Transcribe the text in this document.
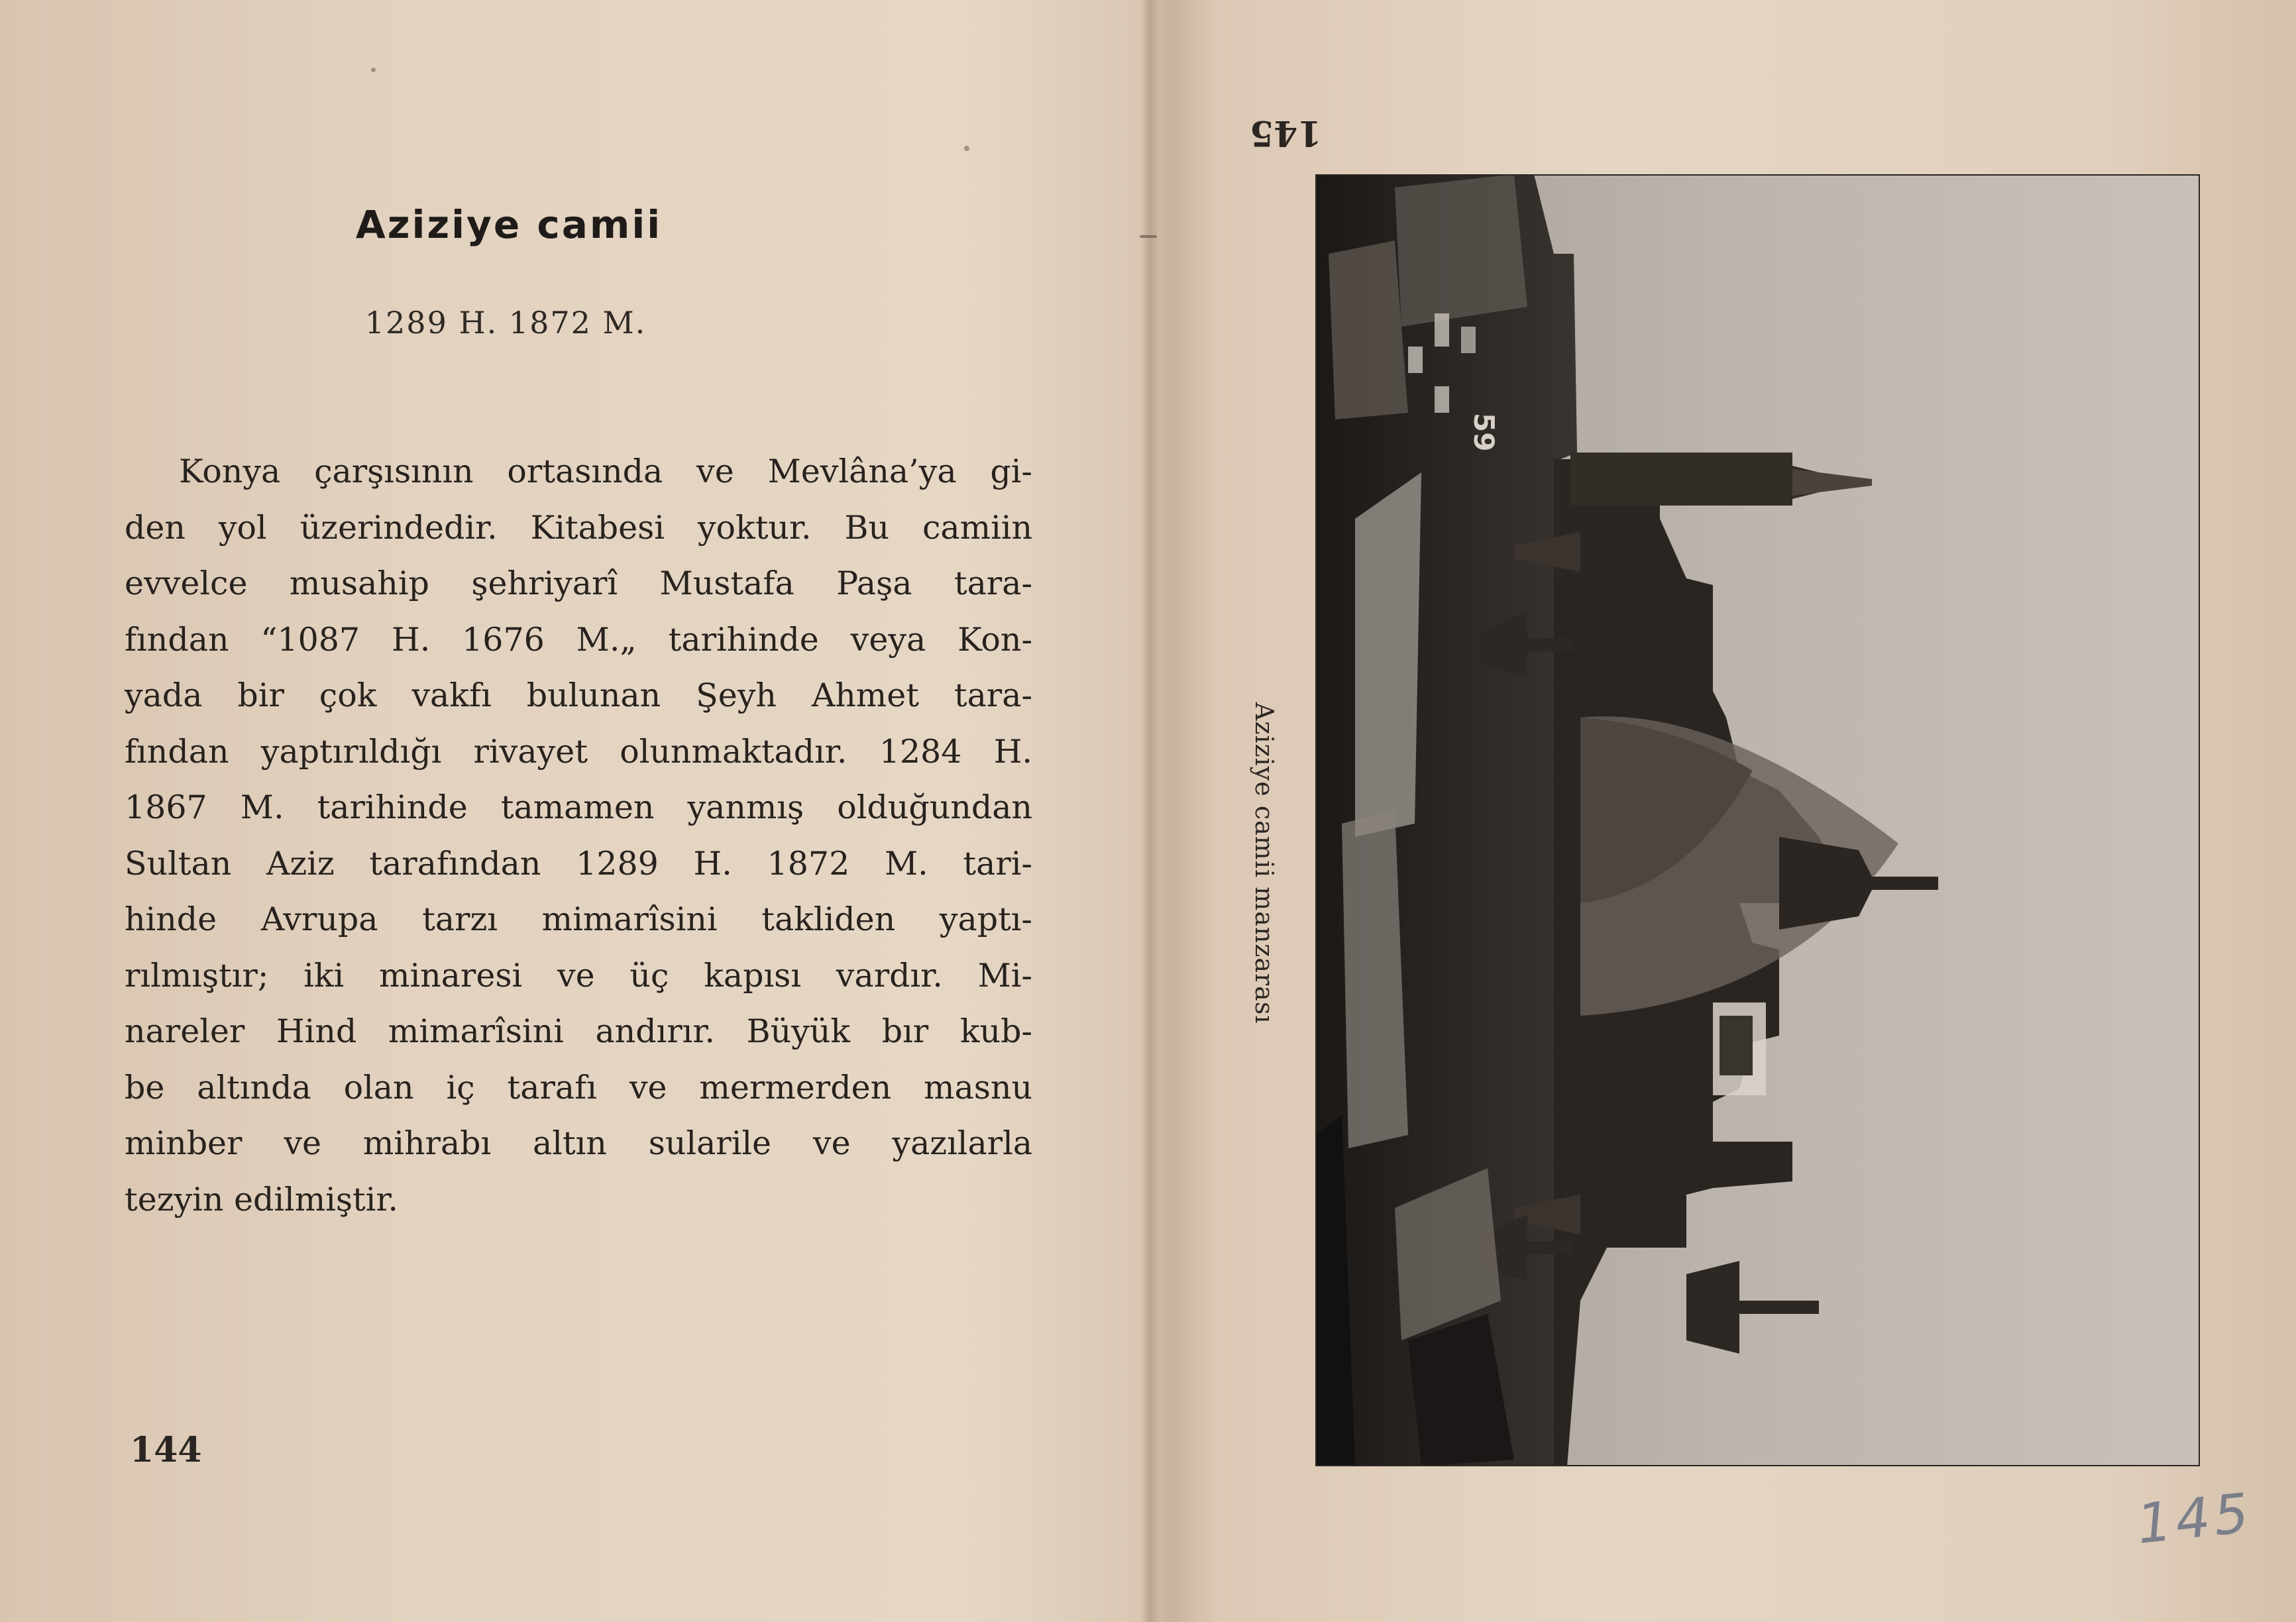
Aziziye camii
1289 H. 1872 M.
Konya çarşısının ortasında ve Mevlâna’ya gi-
den yol üzerindedir. Kitabesi yoktur. Bu camiin
evvelce musahip şehriyarî Mustafa Paşa tara-
fından “1087 H. 1676 M.„ tarihinde veya Kon-
yada bir çok vakfı bulunan Şeyh Ahmet tara-
fından yaptırıldığı rivayet olunmaktadır. 1284 H.
1867 M. tarihinde tamamen yanmış olduğundan
Sultan Aziz tarafından 1289 H. 1872 M. tari-
hinde Avrupa tarzı mimarîsini takliden yaptı-
rılmıştır; iki minaresi ve üç kapısı vardır. Mi-
nareler Hind mimarîsini andırır. Büyük bır kub-
be altında olan iç tarafı ve mermerden masnu
minber ve mihrabı altın sularile ve yazılarla
tezyin edilmiştir.
144
145
Aziziye camii manzarası
59
145
